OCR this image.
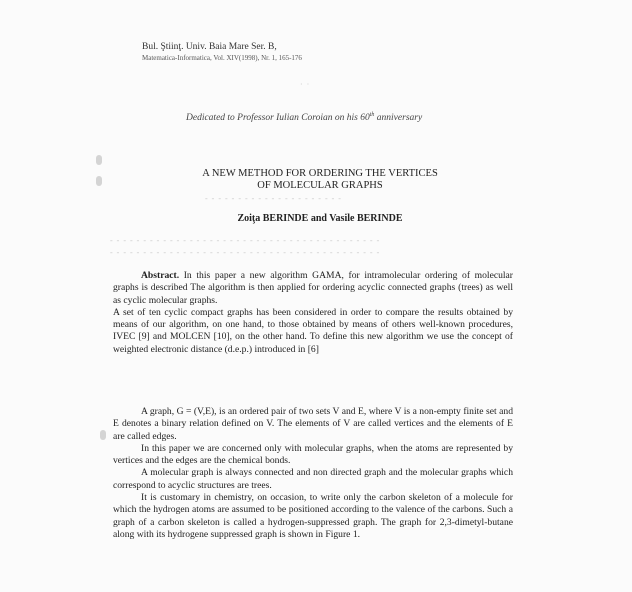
Bul. Ştiinţ. Univ. Baia Mare Ser. B,
Matematica-Informatica, Vol. XIV(1998), Nr. 1, 165-176
· ·
Dedicated to Professor Iulian Coroian on his 60th anniversary
A NEW METHOD FOR ORDERING THE VERTICES
OF MOLECULAR GRAPHS
- - - - - - - - - - - - - - - - - - - - -
Zoiţa BERINDE and Vasile BERINDE
- - - - - - - - - - - - - - - - - - - - - - - - - - - - - - - - - - - - - - - - -
- - - - - - - - - - - - - - - - - - - - - - - - - - - - - - - - - - - - - - - - -

Abstract. In this paper a new algorithm GAMA, for intramolecular ordering of molecular graphs is described The algorithm is then applied for ordering acyclic connected graphs (trees) as well as cyclic molecular graphs.

A set of ten cyclic compact graphs has been considered in order to compare the results obtained by means of our algorithm, on one hand, to those obtained by means of others well-known procedures, IVEC [9] and MOLCEN [10], on the other hand. To define this new algorithm we use the concept of weighted electronic distance (d.e.p.) introduced in [6]

A graph, G = (V,E), is an ordered pair of two sets V and E, where V is a non-empty finite set and E denotes a binary relation defined on V. The elements of V are called vertices and the elements of E are called edges.

In this paper we are concerned only with molecular graphs, when the atoms are represented by vertices and the edges are the chemical bonds.

A molecular graph is always connected and non directed graph and the molecular graphs which correspond to acyclic structures are trees.

It is customary in chemistry, on occasion, to write only the carbon skeleton of a molecule for which the hydrogen atoms are assumed to be positioned according to the valence of the carbons. Such a graph of a carbon skeleton is called a hydrogen-suppressed graph. The graph for 2,3-dimetyl-butane along with its hydrogene suppressed graph is shown in Figure 1.
